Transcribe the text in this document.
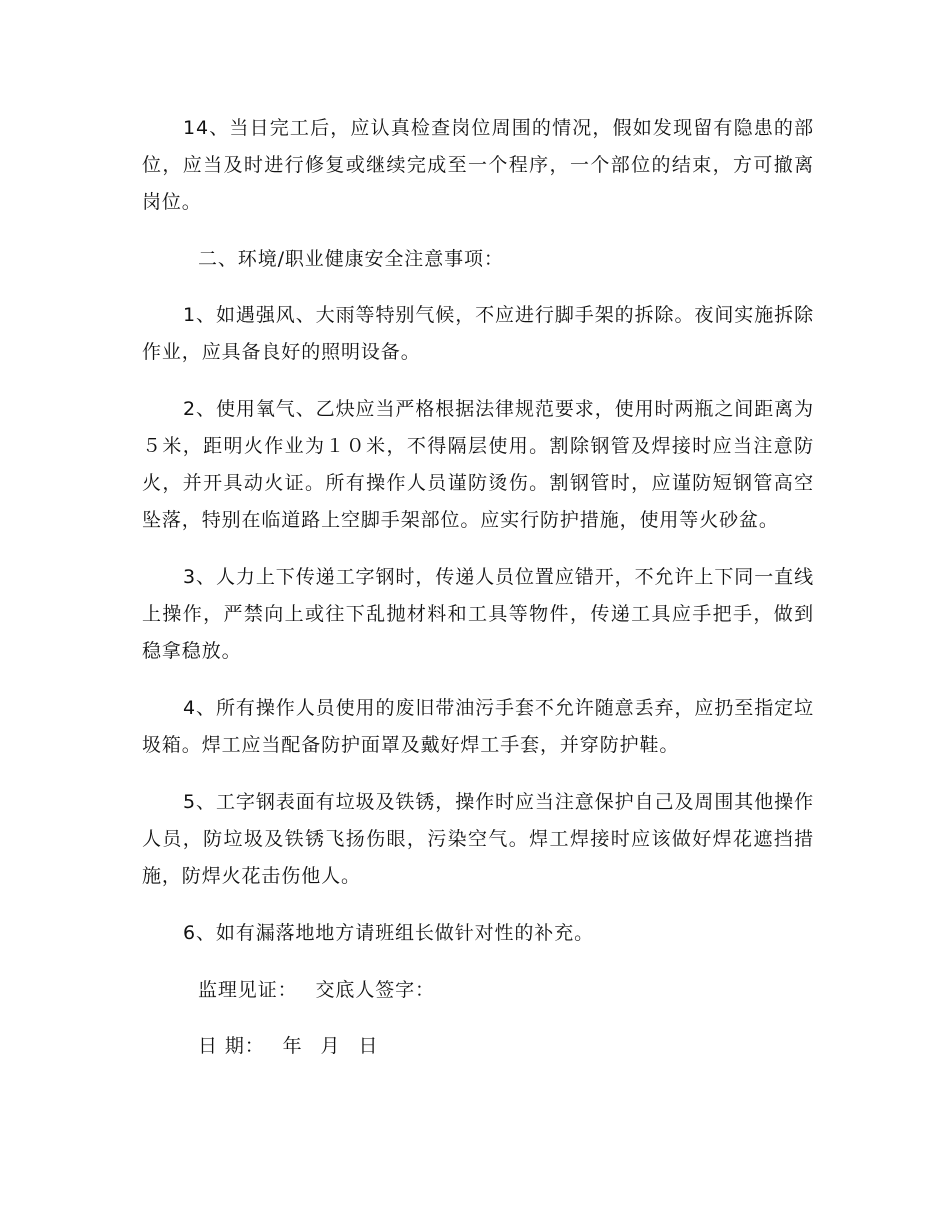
14、当日完工后，应认真检查岗位周围的情况，假如发现留有隐患的部位，应当及时进行修复或继续完成至一个程序，一个部位的结束，方可撤离岗位。

二、环境/职业健康安全注意事项：

1、如遇强风、大雨等特别气候，不应进行脚手架的拆除。夜间实施拆除作业，应具备良好的照明设备。

2、使用氧气、乙炔应当严格根据法律规范要求，使用时两瓶之间距离为５米，距明火作业为１０米，不得隔层使用。割除钢管及焊接时应当注意防火，并开具动火证。所有操作人员谨防烫伤。割钢管时，应谨防短钢管高空坠落，特别在临道路上空脚手架部位。应实行防护措施，使用等火砂盆。

3、人力上下传递工字钢时，传递人员位置应错开，不允许上下同一直线上操作，严禁向上或往下乱抛材料和工具等物件，传递工具应手把手，做到稳拿稳放。

4、所有操作人员使用的废旧带油污手套不允许随意丢弃，应扔至指定垃圾箱。焊工应当配备防护面罩及戴好焊工手套，并穿防护鞋。

5、工字钢表面有垃圾及铁锈，操作时应当注意保护自己及周围其他操作人员，防垃圾及铁锈飞扬伤眼，污染空气。焊工焊接时应该做好焊花遮挡措施，防焊火花击伤他人。

6、如有漏落地地方请班组长做针对性的补充。

监理见证： 交底人签字：
日 期： 年 月 日
